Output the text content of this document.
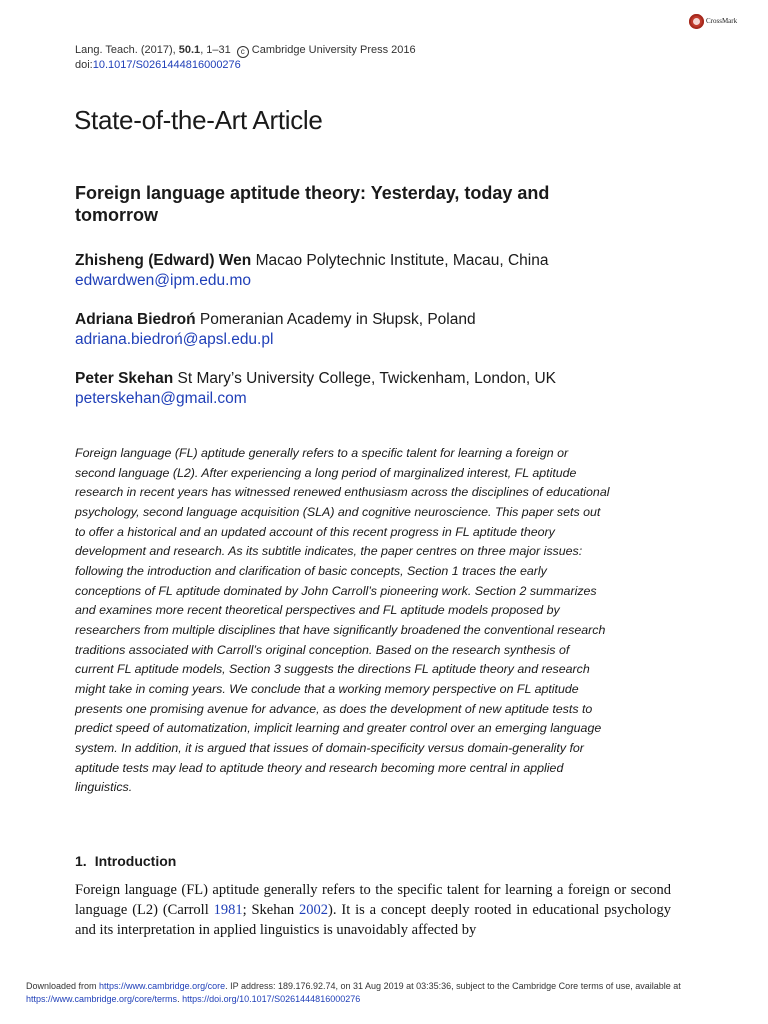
Lang. Teach. (2017), 50.1, 1–31 c Cambridge University Press 2016
doi:10.1017/S0261444816000276
CrossMark
State-of-the-Art Article
Foreign language aptitude theory: Yesterday, today and tomorrow
Zhisheng (Edward) Wen Macao Polytechnic Institute, Macau, China
edwardwen@ipm.edu.mo
Adriana Biedroń Pomeranian Academy in Słupsk, Poland
adriana.biedroń@apsl.edu.pl
Peter Skehan St Mary’s University College, Twickenham, London, UK
peterskehan@gmail.com
Foreign language (FL) aptitude generally refers to a specific talent for learning a foreign or second language (L2). After experiencing a long period of marginalized interest, FL aptitude research in recent years has witnessed renewed enthusiasm across the disciplines of educational psychology, second language acquisition (SLA) and cognitive neuroscience. This paper sets out to offer a historical and an updated account of this recent progress in FL aptitude theory development and research. As its subtitle indicates, the paper centres on three major issues: following the introduction and clarification of basic concepts, Section 1 traces the early conceptions of FL aptitude dominated by John Carroll’s pioneering work. Section 2 summarizes and examines more recent theoretical perspectives and FL aptitude models proposed by researchers from multiple disciplines that have significantly broadened the conventional research traditions associated with Carroll’s original conception. Based on the research synthesis of current FL aptitude models, Section 3 suggests the directions FL aptitude theory and research might take in coming years. We conclude that a working memory perspective on FL aptitude presents one promising avenue for advance, as does the development of new aptitude tests to predict speed of automatization, implicit learning and greater control over an emerging language system. In addition, it is argued that issues of domain-specificity versus domain-generality for aptitude tests may lead to aptitude theory and research becoming more central in applied linguistics.
1. Introduction
Foreign language (FL) aptitude generally refers to the specific talent for learning a foreign or second language (L2) (Carroll 1981; Skehan 2002). It is a concept deeply rooted in educational psychology and its interpretation in applied linguistics is unavoidably affected by
Downloaded from https://www.cambridge.org/core. IP address: 189.176.92.74, on 31 Aug 2019 at 03:35:36, subject to the Cambridge Core terms of use, available at https://www.cambridge.org/core/terms. https://doi.org/10.1017/S0261444816000276
